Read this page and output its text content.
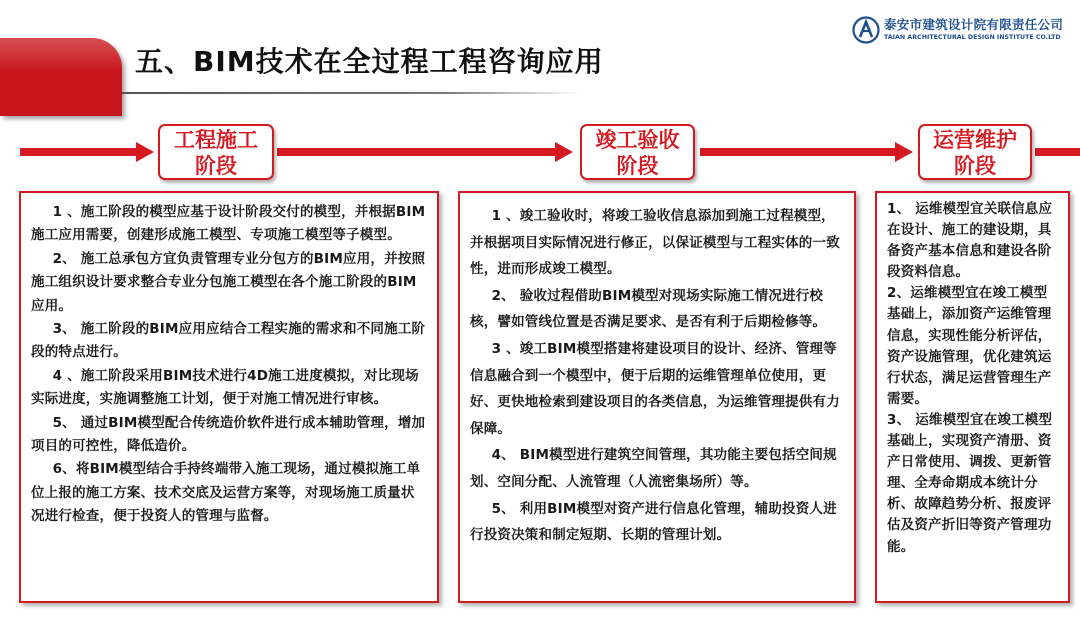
五、BIM技术在全过程工程咨询应用
泰安市建筑设计院有限责任公司
TAIAN ARCHITECTURAL DESIGN INSTITUTE CO.LTD
工程施工
阶段
竣工验收
阶段
运营维护
阶段

1 、施工阶段的模型应基于设计阶段交付的模型，并根据BIM施工应用需要，创建形成施工模型、专项施工模型等子模型。

2、 施工总承包方宜负责管理专业分包方的BIM应用，并按照施工组织设计要求整合专业分包施工模型在各个施工阶段的BIM应用。

3、 施工阶段的BIM应用应结合工程实施的需求和不同施工阶段的特点进行。

4 、施工阶段采用BIM技术进行4D施工进度模拟，对比现场实际进度，实施调整施工计划，便于对施工情况进行审核。

5、 通过BIM模型配合传统造价软件进行成本辅助管理，增加项目的可控性，降低造价。

6、将BIM模型结合手持终端带入施工现场，通过模拟施工单位上报的施工方案、技术交底及运营方案等，对现场施工质量状况进行检查，便于投资人的管理与监督。

1 、竣工验收时，将竣工验收信息添加到施工过程模型，并根据项目实际情况进行修正，以保证模型与工程实体的一致性，进而形成竣工模型。

2、 验收过程借助BIM模型对现场实际施工情况进行校核，譬如管线位置是否满足要求、是否有利于后期检修等。

3 、竣工BIM模型搭建将建设项目的设计、经济、管理等信息融合到一个模型中，便于后期的运维管理单位使用，更好、更快地检索到建设项目的各类信息，为运维管理提供有力保障。

4、 BIM模型进行建筑空间管理，其功能主要包括空间规划、空间分配、人流管理（人流密集场所）等。

5、 利用BIM模型对资产进行信息化管理，辅助投资人进行投资决策和制定短期、长期的管理计划。

1、 运维模型宜关联信息应在设计、施工的建设期，具备资产基本信息和建设各阶段资料信息。

2、运维模型宜在竣工模型基础上，添加资产运维管理信息，实现性能分析评估，资产设施管理，优化建筑运行状态，满足运营管理生产需要。

3、 运维模型宜在竣工模型基础上，实现资产清册、资产日常使用、调拨、更新管理、全寿命期成本统计分析、故障趋势分析、报废评估及资产折旧等资产管理功能。
